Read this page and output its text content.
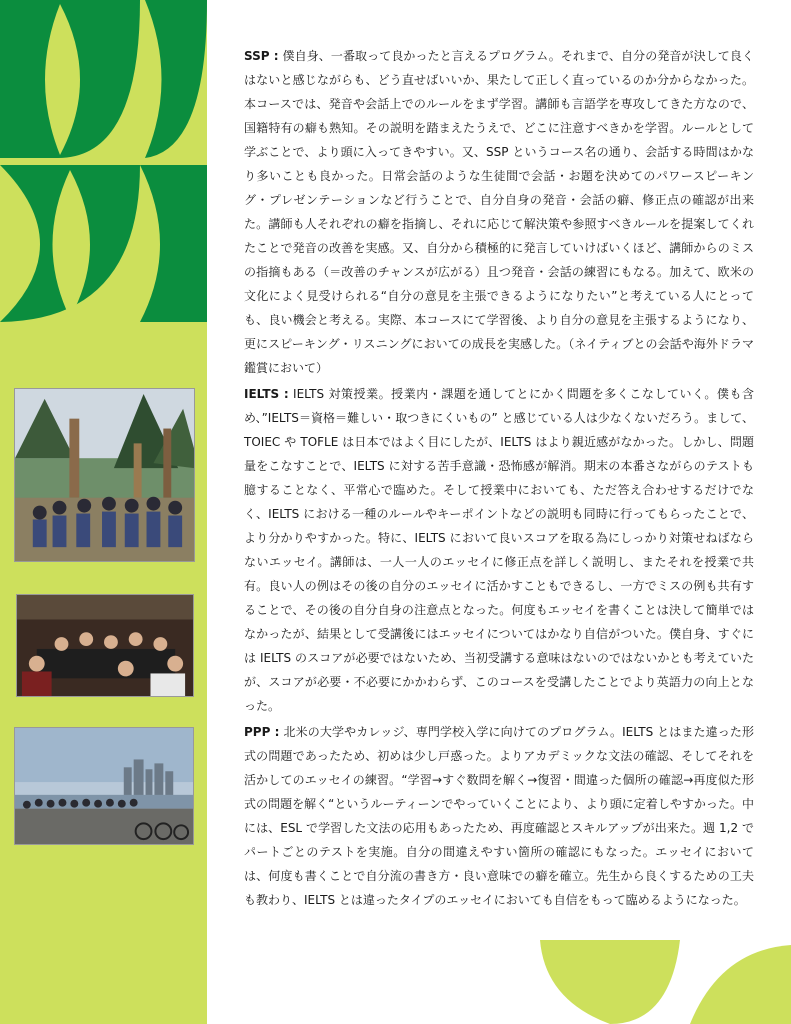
SSP : 僕自身、一番取って良かったと言えるプログラム。それまで、自分の発音が決して良くはないと感じながらも、どう直せばいいか、果たして正しく直っているのか分からなかった。本コースでは、発音や会話上でのルールをまず学習。講師も言語学を専攻してきた方なので、国籍特有の癖も熟知。その説明を踏まえたうえで、どこに注意すべきかを学習。ルールとして学ぶことで、より頭に入ってきやすい。又、SSP というコース名の通り、会話する時間はかなり多いことも良かった。日常会話のような生徒間で会話・お題を決めてのパワースピーキング・プレゼンテーションなど行うことで、自分自身の発音・会話の癖、修正点の確認が出来た。講師も人それぞれの癖を指摘し、それに応じて解決策や参照すべきルールを提案してくれたことで発音の改善を実感。又、自分から積極的に発言していけばいくほど、講師からのミスの指摘もある（＝改善のチャンスが広がる）且つ発音・会話の練習にもなる。加えて、欧米の文化によく見受けられる“自分の意見を主張できるようになりたい”と考えている人にとっても、良い機会と考える。実際、本コースにて学習後、より自分の意見を主張するようになり、更にスピーキング・リスニングにおいての成長を実感した。（ネイティブとの会話や海外ドラマ鑑賞において）
IELTS : IELTS 対策授業。授業内・課題を通してとにかく問題を多くこなしていく。僕も含め、”IELTS＝資格＝難しい・取つきにくいもの” と感じている人は少なくないだろう。まして、TOIEC や TOFLE は日本ではよく目にしたが、IELTS はより親近感がなかった。しかし、問題量をこなすことで、IELTS に対する苦手意識・恐怖感が解消。期末の本番さながらのテストも臆することなく、平常心で臨めた。そして授業中においても、ただ答え合わせするだけでなく、IELTS における一種のルールやキーポイントなどの説明も同時に行ってもらったことで、より分かりやすかった。特に、IELTS において良いスコアを取る為にしっかり対策せねばならないエッセイ。講師は、一人一人のエッセイに修正点を詳しく説明し、またそれを授業で共有。良い人の例はその後の自分のエッセイに活かすこともできるし、一方でミスの例も共有することで、その後の自分自身の注意点となった。何度もエッセイを書くことは決して簡単ではなかったが、結果として受講後にはエッセイについてはかなり自信がついた。僕自身、すぐには IELTS のスコアが必要ではないため、当初受講する意味はないのではないかとも考えていたが、スコアが必要・不必要にかかわらず、このコースを受講したことでより英語力の向上となった。
PPP : 北米の大学やカレッジ、専門学校入学に向けてのプログラム。IELTS とはまた違った形式の問題であったため、初めは少し戸惑った。よりアカデミックな文法の確認、そしてそれを活かしてのエッセイの練習。“学習→すぐ数問を解く→復習・間違った個所の確認→再度似た形式の問題を解く“というルーティーンでやっていくことにより、より頭に定着しやすかった。中には、ESL で学習した文法の応用もあったため、再度確認とスキルアップが出来た。週 1,2 でパートごとのテストを実施。自分の間違えやすい箇所の確認にもなった。エッセイにおいては、何度も書くことで自分流の書き方・良い意味での癖を確立。先生から良くするための工夫も教わり、IELTS とは違ったタイプのエッセイにおいても自信をもって臨めるようになった。
